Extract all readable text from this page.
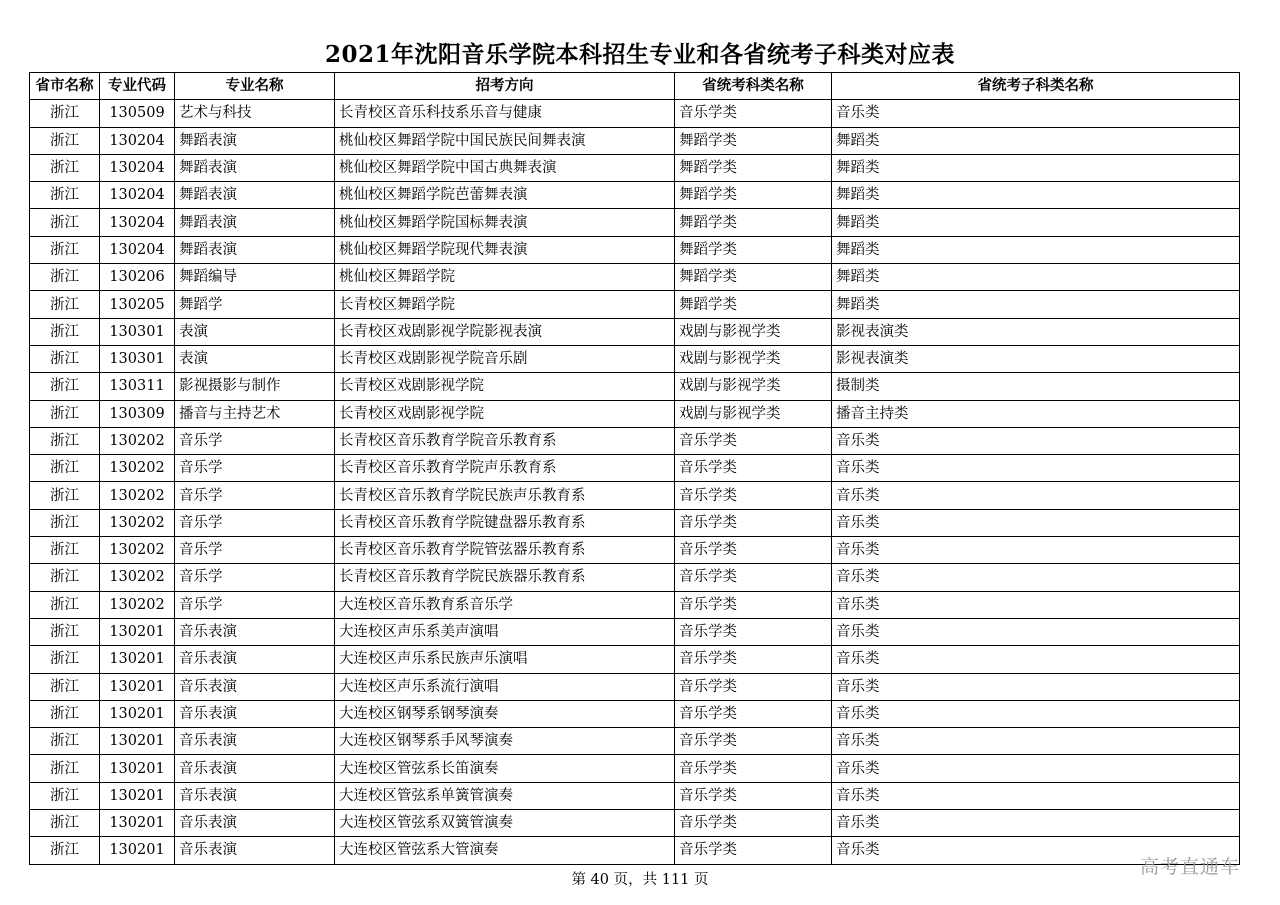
2021年沈阳音乐学院本科招生专业和各省统考子科类对应表
省市名称	专业代码	专业名称	招考方向	省统考科类名称	省统考子科类名称
浙江	130509	艺术与科技	长青校区音乐科技系乐音与健康	音乐学类	音乐类
浙江	130204	舞蹈表演	桃仙校区舞蹈学院中国民族民间舞表演	舞蹈学类	舞蹈类
浙江	130204	舞蹈表演	桃仙校区舞蹈学院中国古典舞表演	舞蹈学类	舞蹈类
浙江	130204	舞蹈表演	桃仙校区舞蹈学院芭蕾舞表演	舞蹈学类	舞蹈类
浙江	130204	舞蹈表演	桃仙校区舞蹈学院国标舞表演	舞蹈学类	舞蹈类
浙江	130204	舞蹈表演	桃仙校区舞蹈学院现代舞表演	舞蹈学类	舞蹈类
浙江	130206	舞蹈编导	桃仙校区舞蹈学院	舞蹈学类	舞蹈类
浙江	130205	舞蹈学	长青校区舞蹈学院	舞蹈学类	舞蹈类
浙江	130301	表演	长青校区戏剧影视学院影视表演	戏剧与影视学类	影视表演类
浙江	130301	表演	长青校区戏剧影视学院音乐剧	戏剧与影视学类	影视表演类
浙江	130311	影视摄影与制作	长青校区戏剧影视学院	戏剧与影视学类	摄制类
浙江	130309	播音与主持艺术	长青校区戏剧影视学院	戏剧与影视学类	播音主持类
浙江	130202	音乐学	长青校区音乐教育学院音乐教育系	音乐学类	音乐类
浙江	130202	音乐学	长青校区音乐教育学院声乐教育系	音乐学类	音乐类
浙江	130202	音乐学	长青校区音乐教育学院民族声乐教育系	音乐学类	音乐类
浙江	130202	音乐学	长青校区音乐教育学院键盘器乐教育系	音乐学类	音乐类
浙江	130202	音乐学	长青校区音乐教育学院管弦器乐教育系	音乐学类	音乐类
浙江	130202	音乐学	长青校区音乐教育学院民族器乐教育系	音乐学类	音乐类
浙江	130202	音乐学	大连校区音乐教育系音乐学	音乐学类	音乐类
浙江	130201	音乐表演	大连校区声乐系美声演唱	音乐学类	音乐类
浙江	130201	音乐表演	大连校区声乐系民族声乐演唱	音乐学类	音乐类
浙江	130201	音乐表演	大连校区声乐系流行演唱	音乐学类	音乐类
浙江	130201	音乐表演	大连校区钢琴系钢琴演奏	音乐学类	音乐类
浙江	130201	音乐表演	大连校区钢琴系手风琴演奏	音乐学类	音乐类
浙江	130201	音乐表演	大连校区管弦系长笛演奏	音乐学类	音乐类
浙江	130201	音乐表演	大连校区管弦系单簧管演奏	音乐学类	音乐类
浙江	130201	音乐表演	大连校区管弦系双簧管演奏	音乐学类	音乐类
浙江	130201	音乐表演	大连校区管弦系大管演奏	音乐学类	音乐类
第 40 页，共 111 页
高考直通车
